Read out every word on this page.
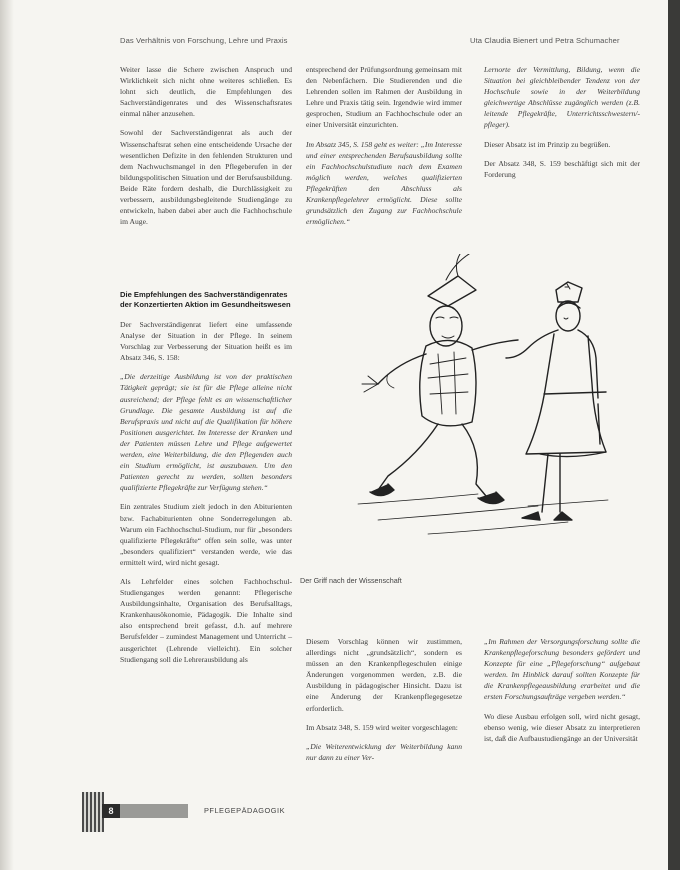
Das Verhältnis von Forschung, Lehre und Praxis	Uta Claudia Bienert und Petra Schumacher

Weiter lasse die Schere zwischen Anspruch und Wirklichkeit sich nicht ohne weiteres schließen. Es lohnt sich deutlich, die Empfehlungen des Sachverständigenrates und des Wissenschaftsrates einmal näher anzusehen.

Sowohl der Sachverständigenrat als auch der Wissenschaftsrat sehen eine entscheidende Ursache der wesentlichen Defizite in den fehlenden Strukturen und dem Nachwuchsmangel in den Pflegeberufen in der bildungspolitischen Situation und der Berufsausbildung. Beide Räte fordern deshalb, die Durchlässigkeit zu verbessern, ausbildungsbegleitende Studiengänge zu entwickeln, haben dabei aber auch die Fachhochschule im Auge.

Die Empfehlungen des Sachverständigenrates der Konzertierten Aktion im Gesundheitswesen

Der Sachverständigenrat liefert eine umfassende Analyse der Situation in der Pflege. In seinem Vorschlag zur Verbesserung der Situation heißt es im Absatz 346, S. 158:

„Die derzeitige Ausbildung ist von der praktischen Tätigkeit geprägt; sie ist für die Pflege alleine nicht ausreichend; der Pflege fehlt es an wissenschaftlicher Grundlage. Die gesamte Ausbildung ist auf die Berufspraxis und nicht auf die Qualifikation für höhere Positionen ausgerichtet. Im Interesse der Kranken und der Patienten müssen Lehre und Pflege aufgewertet werden, eine Weiterbildung, die den Pflegenden auch ein Studium ermöglicht, ist auszubauen. Um den Patienten gerecht zu werden, sollten besonders qualifizierte Pflegekräfte zur Verfügung stehen.“

Ein zentrales Studium zielt jedoch in den Abiturienten bzw. Fachabiturienten ohne Sonderregelungen ab. Warum ein Fachhochschul-Studium, nur für „besonders qualifizierte Pflegekräfte“ offen sein solle, was unter „besonders qualifiziert“ verstanden werde, wie das ermittelt wird, wird nicht gesagt.

Als Lehrfelder eines solchen Fachhochschul-Studienganges werden genannt: Pflegerische Ausbildungsinhalte, Organisation des Berufsalltags, Krankenhausökonomie, Pädagogik. Die Inhalte sind also entsprechend breit gefasst, d.h. auf mehrere Berufsfelder – zumindest Management und Unterricht – ausgerichtet (Lehrende vielleicht). Ein solcher Studiengang soll die Lehrerausbildung als

entsprechend der Prüfungsordnung gemeinsam mit den Nebenfächern. Die Studierenden und die Lehrenden sollen im Rahmen der Ausbildung in Lehre und Praxis tätig sein. Irgendwie wird immer gesprochen, Studium an Fachhochschule oder an einer Universität einzurichten.

Im Absatz 345, S. 158 geht es weiter: „Im Interesse und einer entsprechenden Berufsausbildung sollte ein Fachhochschulstudium nach dem Examen möglich werden, welches qualifizierten Pflegekräften den Abschluss als Krankenpflegelehrer ermöglicht. Diese sollte grundsätzlich den Zugang zur Fachhochschule ermöglichen.“

Lernorte der Vermittlung, Bildung, wenn die Situation bei gleichbleibender Tendenz von der Hochschule sowie in der Weiterbildung gleichwertige Abschlüsse zugänglich werden (z.B. leitende Pflegekräfte, Unterrichtsschwestern/-pfleger).

Dieser Absatz ist im Prinzip zu begrüßen.

Der Absatz 348, S. 159 beschäftigt sich mit der Forderung

Der Griff nach der Wissenschaft

Diesem Vorschlag können wir zustimmen, allerdings nicht „grundsätzlich“, sondern es müssen an den Krankenpflegeschulen einige Änderungen vorgenommen werden, z.B. die Ausbildung in pädagogischer Hinsicht. Dazu ist eine Änderung der Krankenpflegegesetze erforderlich.

Im Absatz 348, S. 159 wird weiter vorgeschlagen:

„Die Weiterentwicklung der Weiterbildung kann nur dann zu einer Ver-

„Im Rahmen der Versorgungsforschung sollte die Krankenpflegeforschung besonders gefördert und Konzepte für eine „Pflegeforschung“ aufgebaut werden. Im Hinblick darauf sollten Konzepte für die Krankenpflegeausbildung erarbeitet und die ersten Forschungsaufträge vergeben werden.“

Wo diese Ausbau erfolgen soll, wird nicht gesagt, ebenso wenig, wie dieser Absatz zu interpretieren ist, daß die Aufbaustudiengänge an der Universität

8	PFLEGEPÄDAGOGIK
